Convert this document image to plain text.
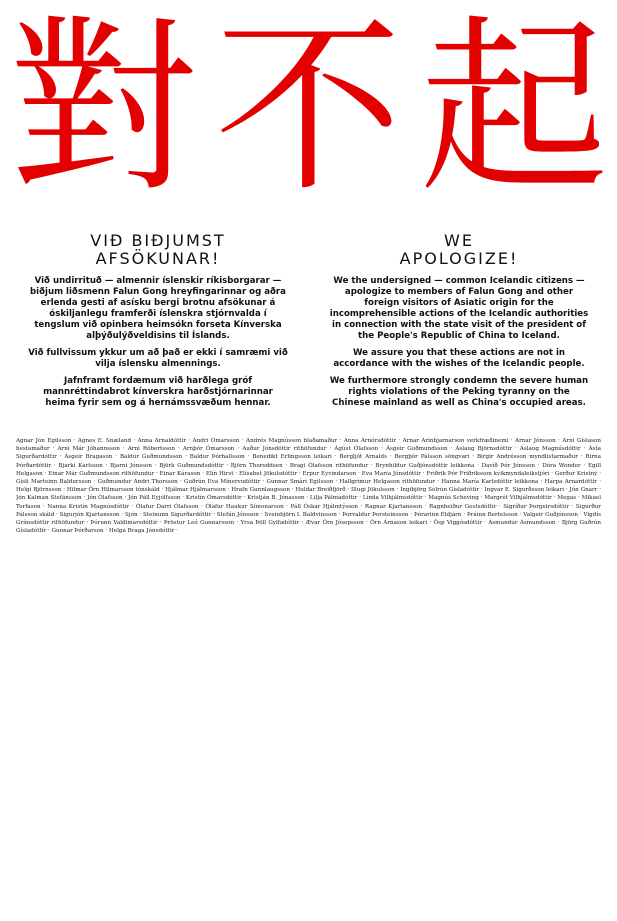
對 不 起
VIÐ BIÐJUMST
AFSÖKUNAR!

Við undirrituð — almennir íslenskir ríkisborgarar — biðjum liðsmenn Falun Gong hreyfingarinnar og aðra erlenda gesti af asísku bergi brotnu afsökunar á óskiljanlegu framferði íslenskra stjórnvalda í tengslum við opinbera heimsókn forseta Kínverska alþýðulýðveldisins til Íslands.

Við fullvissum ykkur um að það er ekki í samræmi við vilja íslensku almennings.

Jafnframt fordæmum við harðlega gróf mannréttindabrot kínverskra harðstjórnarinnar heima fyrir sem og á hernámssvæðum hennar.

WE
APOLOGIZE!

We the undersigned — common Icelandic citizens — apologize to members of Falun Gong and other foreign visitors of Asiatic origin for the incomprehensible actions of the Icelandic authorities in connection with the state visit of the president of the People's Republic of China to Iceland.

We assure you that these actions are not in accordance with the wishes of the Icelandic people.

We furthermore strongly condemn the severe human rights violations of the Peking tyranny on the Chinese mainland as well as China's occupied areas.

Agnar Jón Egilsson · Agnes E. Snæland · Anna Arnaldóttir · Andri Ómarsson · Andrés Magnússon blaðamaður · Anna Arnórsdóttir · Arnar Arinbjarnarson verkfræðinemi · Arnar Jónsson · Arni Gíslason hestamaður · Arni Már Jóhannsson · Arni Róbertsson · Arnþór Ómarsson · Auður Jónsdóttir rithöfundur · Ágúst Ólafsson · Ásgeir Guðmundsson · Áslaug Björnsdóttir · Áslaug Magnúsdóttir · Ásta Sigurðardóttir · Ásgeir Bragason · Baldur Guðmundsson · Baldur Þórhallsson · Benedikt Erlingsson leikari · Bergljót Arnalds · Bergþór Pálsson söngvari · Birgir Andrésson myndlistarmaður · Birna Þórðardóttir · Bjarki Karlsson · Bjarni Jónsson · Björk Guðmundsdóttir · Björn Thoroddsen · Bragi Ólafsson rithöfundur · Brynhildur Guðjónsdóttir leikkona · Davíð Þór Jónsson · Dóra Wonder · Egill Helgason · Einar Már Guðmundsson rithöfundur · Einar Kárason · Elín Hirst · Elísabet Jökulsdóttir · Erpur Eyvindarson · Eva María Jónsdóttir · Friðrik Þór Friðriksson kvikmyndaleikstjóri · Gerður Kristný · Gísli Marteinn Baldursson · Guðmundur Andri Thorsson · Guðrún Eva Mínervudóttir · Gunnar Smári Egilsson · Hallgrímur Helgason rithöfundur · Hanna María Karlsdóttir leikkona · Harpa Arnardóttir · Helgi Björnsson · Hilmar Örn Hilmarsson tónskáld · Hjálmar Hjálmarsson · Hrafn Gunnlaugsson · Huldar Breiðfjörð · Illugi Jökulsson · Ingibjörg Sólrún Gísladóttir · Ingvar E. Sigurðsson leikari · Jón Gnarr · Jón Kalman Stefánsson · Jón Ólafsson · Jón Páll Eyjólfsson · Kristín Ómarsdóttir · Kristján B. Jónasson · Lilja Pálmadóttir · Linda Vilhjálmsdóttir · Magnús Scheving · Margrét Vilhjálmsdóttir · Megas · Mikael Torfason · Nanna Kristín Magnúsdóttir · Ólafur Darri Ólafsson · Ólafur Haukur Símonarson · Páll Óskar Hjálmtýsson · Ragnar Kjartansson · Ragnheiður Gestsdóttir · Sigríður Þorgeirsdóttir · Sigurður Pálsson skáld · Sigurjón Kjartansson · Sjón · Steinunn Sigurðardóttir · Stefán Jónsson · Sveinbjörn I. Baldvinsson · Þorvaldur Þorsteinsson · Þórarinn Eldjárn · Þráinn Bertelsson · Valgeir Guðjónsson · Vigdís Grímsdóttir rithöfundur · Þórunn Valdimarsdóttir · Þröstur Leó Gunnarsson · Yrsa Þöll Gylfadóttir · Ævar Örn Jósepsson · Örn Árnason leikari · Ösp Viggósdóttir · Ásmundur Ásmundsson · Björg Guðrún Gísladóttir · Gunnar Þórðarson · Helga Braga Jónsdóttir ·
